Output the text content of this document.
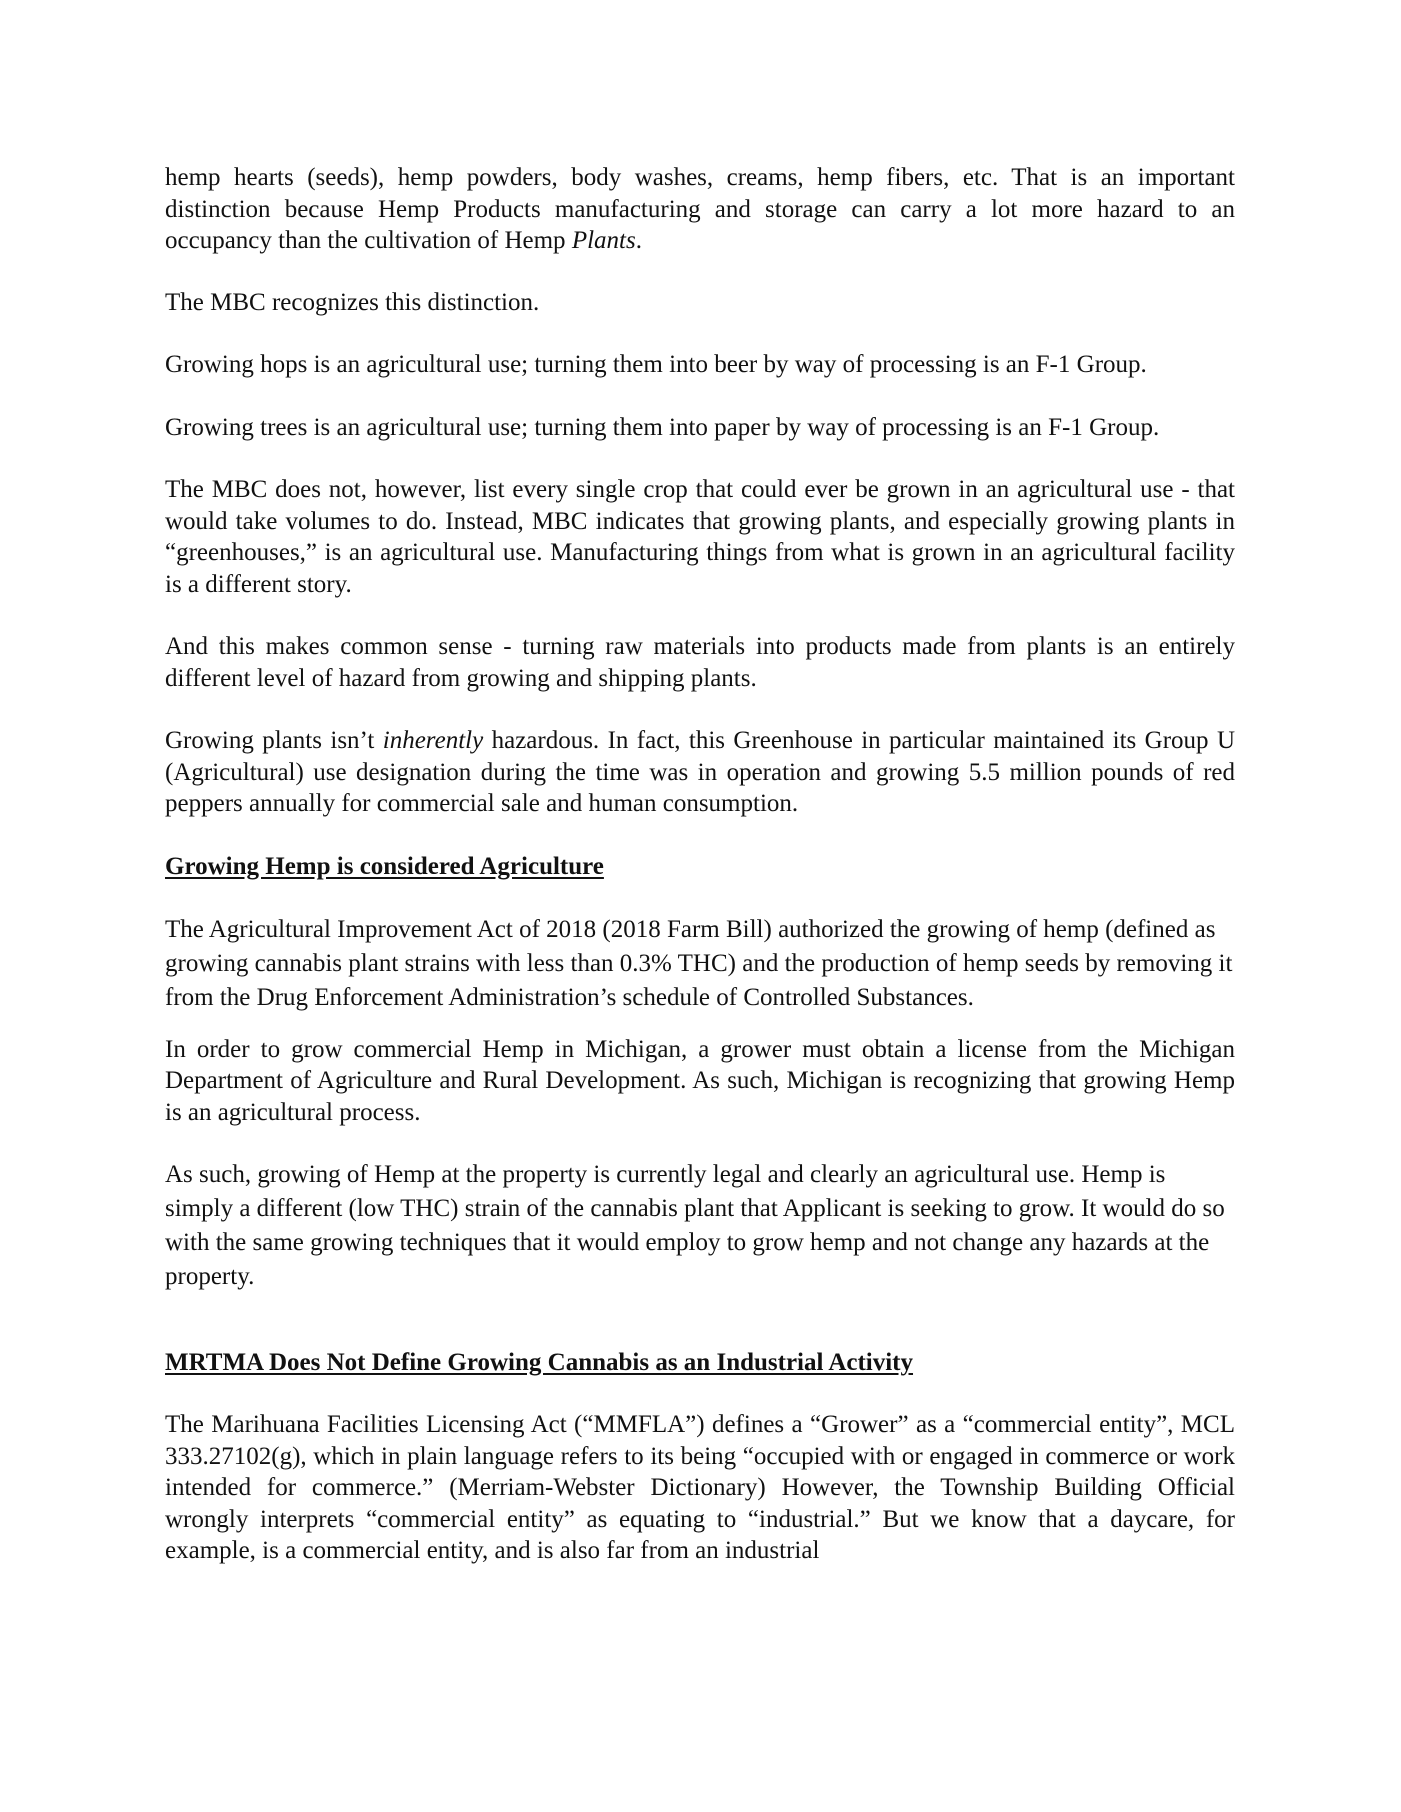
hemp hearts (seeds), hemp powders, body washes, creams, hemp fibers, etc. That is an important distinction because Hemp Products manufacturing and storage can carry a lot more hazard to an occupancy than the cultivation of Hemp Plants.

The MBC recognizes this distinction.

Growing hops is an agricultural use; turning them into beer by way of processing is an F-1 Group.

Growing trees is an agricultural use; turning them into paper by way of processing is an F-1 Group.

The MBC does not, however, list every single crop that could ever be grown in an agricultural use - that would take volumes to do. Instead, MBC indicates that growing plants, and especially growing plants in “greenhouses,” is an agricultural use. Manufacturing things from what is grown in an agricultural facility is a different story.

And this makes common sense - turning raw materials into products made from plants is an entirely different level of hazard from growing and shipping plants.

Growing plants isn’t inherently hazardous. In fact, this Greenhouse in particular maintained its Group U (Agricultural) use designation during the time was in operation and growing 5.5 million pounds of red peppers annually for commercial sale and human consumption.

Growing Hemp is considered Agriculture

The Agricultural Improvement Act of 2018 (2018 Farm Bill) authorized the growing of hemp (defined as growing cannabis plant strains with less than 0.3% THC) and the production of hemp seeds by removing it from the Drug Enforcement Administration’s schedule of Controlled Substances.

In order to grow commercial Hemp in Michigan, a grower must obtain a license from the Michigan Department of Agriculture and Rural Development. As such, Michigan is recognizing that growing Hemp is an agricultural process.

As such, growing of Hemp at the property is currently legal and clearly an agricultural use. Hemp is simply a different (low THC) strain of the cannabis plant that Applicant is seeking to grow. It would do so with the same growing techniques that it would employ to grow hemp and not change any hazards at the property.

MRTMA Does Not Define Growing Cannabis as an Industrial Activity

The Marihuana Facilities Licensing Act (“MMFLA”) defines a “Grower” as a “commercial entity”, MCL 333.27102(g), which in plain language refers to its being “occupied with or engaged in commerce or work intended for commerce.” (Merriam-Webster Dictionary) However, the Township Building Official wrongly interprets “commercial entity” as equating to “industrial.” But we know that a daycare, for example, is a commercial entity, and is also far from an industrial
